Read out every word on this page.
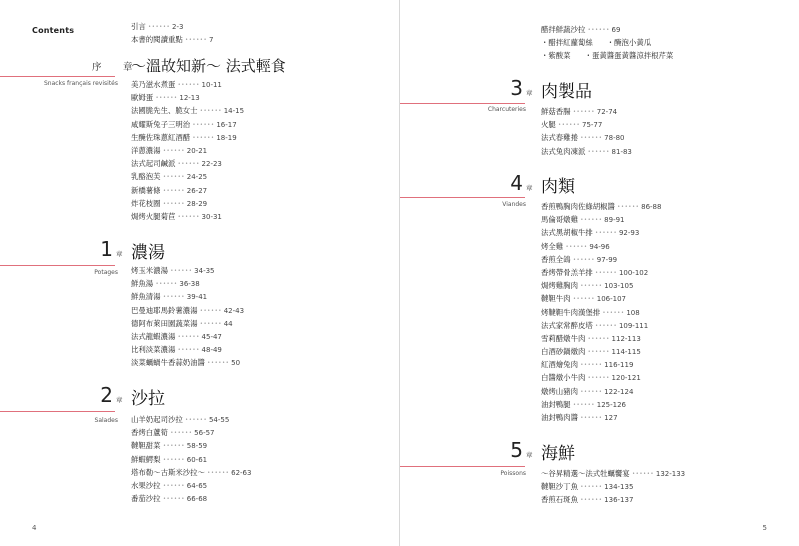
Contents	引言 ･･････ 2-3
本書的閱讀重點 ･･････ 7
序　章
～溫故知新～ 法式輕食
Snacks français revisités 美乃滋水煮蛋 ･･････ 10-11
歐姆蛋 ･･････ 12-13
法國脆先生、脆女士 ･･････ 14-15
咸耀斯兔子三明治 ･･････ 16-17
生醃佐珠蔥紅酒醋 ･･････ 18-19
洋蔥濃湯 ･･････ 20-21
法式起司鹹派 ･･････ 22-23
乳酪泡芙 ･･････ 24-25
新橋薯條 ･･････ 26-27
炸花枝圈 ･･････ 28-29
焗烤火腿菊苣 ･･････ 30-31
1 章 濃湯
Potages 烤玉米濃湯 ･･････ 34-35
鮮魚湯 ･･････ 36-38
鮮魚清湯 ･･････ 39-41
巴曼迪耶馬鈴薯濃湯 ･･････ 42-43
德阿布萊田園蔬菜湯 ･･････ 44
法式龍蝦濃湯 ･･････ 45-47
比利淡菜濃湯 ･･････ 48-49
淡菜蠣蝸牛香蒜奶油醬 ･･････ 50
2 章 沙拉
Salades 山羊奶起司沙拉 ･･････ 54-55
香烤白蘆筍 ･･････ 56-57
韃靼甜菜 ･･････ 58-59
鮮蝦鰐梨 ･･････ 60-61
塔布勒～古斯米沙拉～ ･･････ 62-63
水果沙拉 ･･････ 64-65
番茄沙拉 ･･････ 66-68
4
醋拌鮮蔬沙拉 ･･････ 69
・醋拌紅蘿蔔絲 ・醃泡小黃瓜
・紫酸菜 ・蛋黃醬蛋黃醬涼拌根芹菜
3 章 肉製品
Charcuteries 鮮菇香腸 ･･････ 72-74
火腿 ･･････ 75-77
法式春雞捲 ･･････ 78-80
法式兔肉凍派 ･･････ 81-83
4 章 肉類
Viandes 香煎鴨胸肉佐綠胡椒醬 ･･････ 86-88
馬倫哥燉雞 ･･････ 89-91
法式黑胡椒牛排 ･･････ 92-93
烤全雞 ･･････ 94-96
香煎全鴿 ･･････ 97-99
香烤帶骨羔羊排 ･･････ 100-102
焗烤雞胸肉 ･･････ 103-105
韃靼牛肉 ･･････ 106-107
烤韃靼牛肉漢堡排 ･･････ 108
法式家常醉皮塔 ･･････ 109-111
雪莉醋燉牛肉 ･･････ 112-113
白酒砂鍋燉肉 ･･････ 114-115
紅酒燴兔肉 ･･････ 116-119
白醬燉小牛肉 ･･････ 120-121
燉烤山豬肉 ･･････ 122-124
油封鴨腿 ･･････ 125-126
油封鴨肉醬 ･･････ 127
5 章 海鮮
Poissons ～谷昇精選～法式牡蠣饗宴 ･･････ 132-133
韃靼沙丁魚 ･･････ 134-135
香煎石斑魚 ･･････ 136-137
5
